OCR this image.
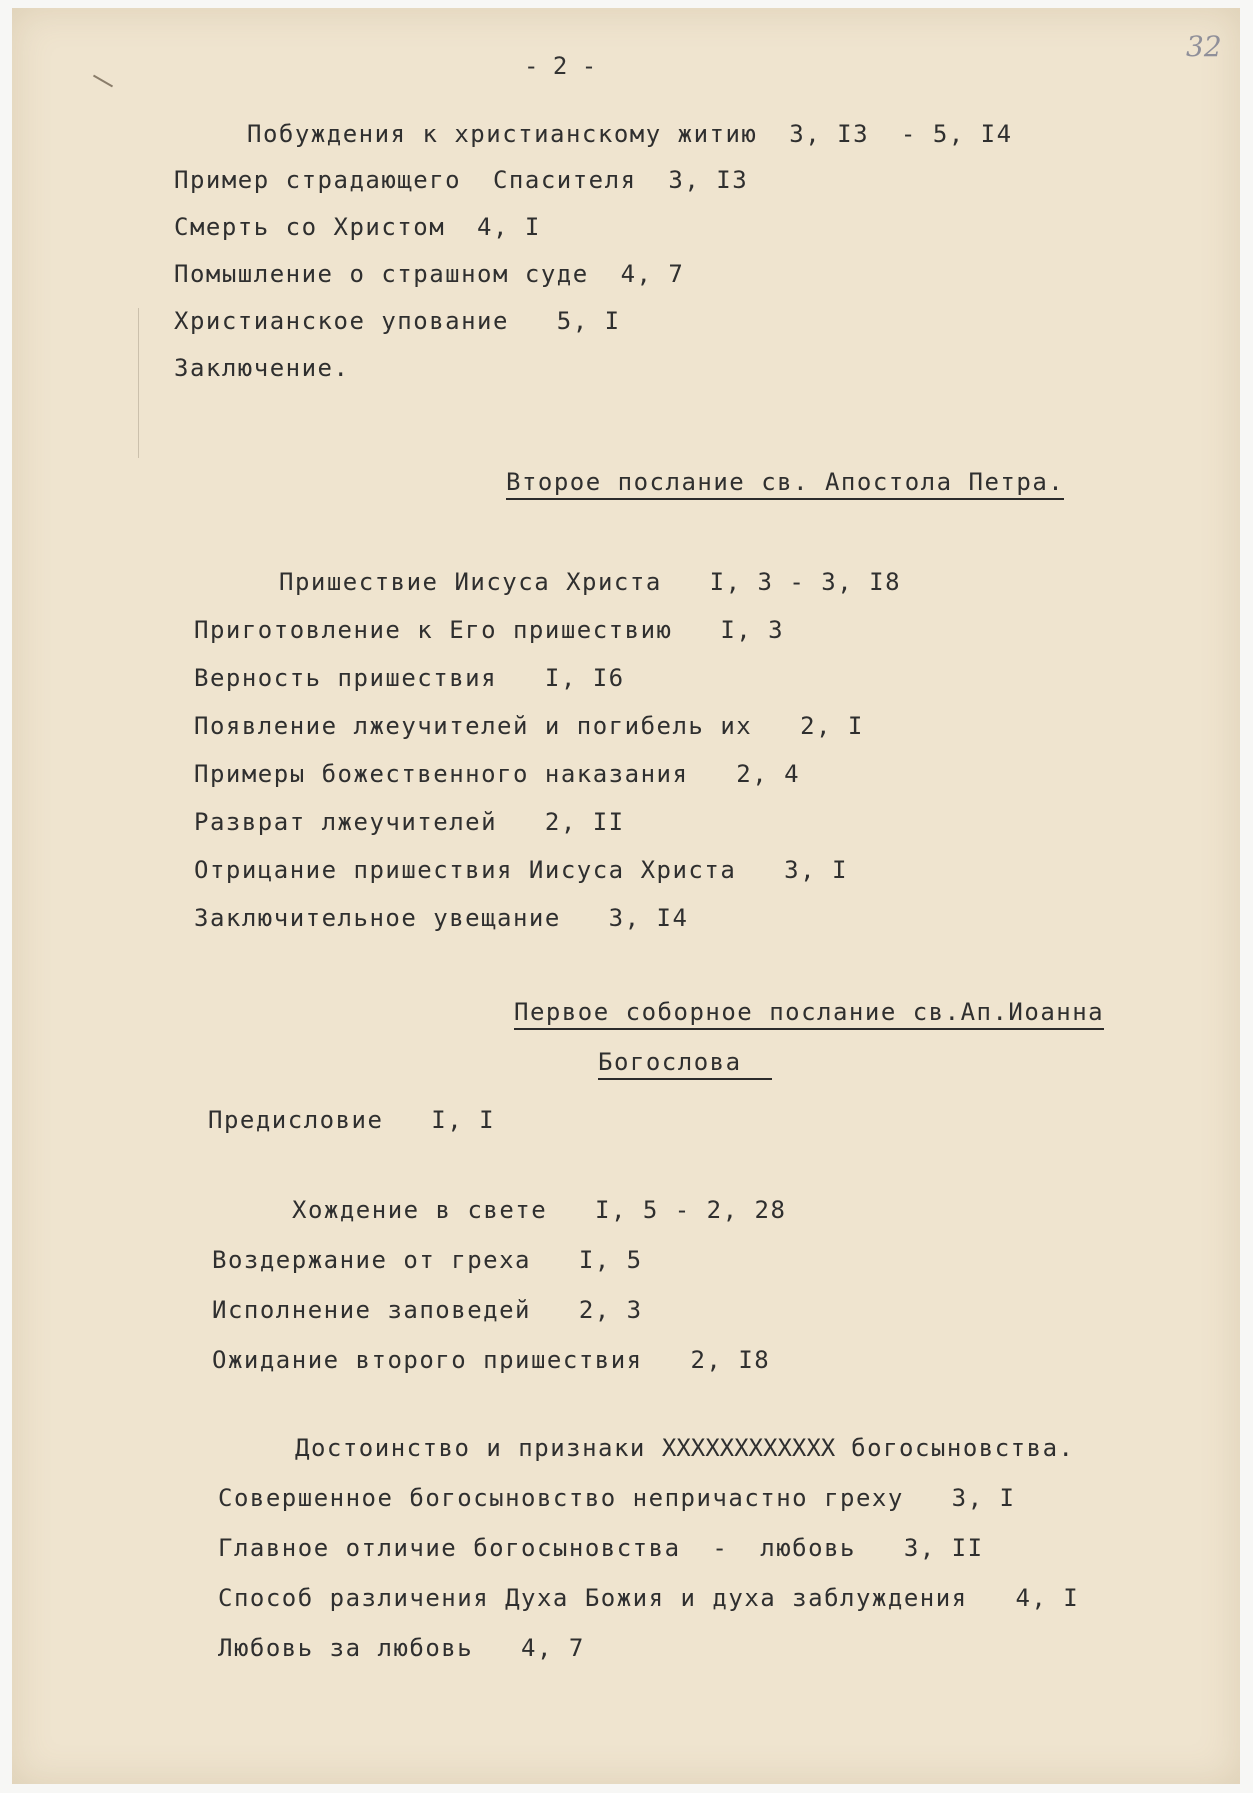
32
- 2 -
Побуждения к христианскому житию  3, I3  - 5, I4
Пример страдающего  Спасителя  3, I3
Смерть со Христом  4, I
Помышление о страшном суде  4, 7
Христианское упование   5, I
Заключение.
Второе послание св. Апостола Петра.
Пришествие Иисуса Христа   I, 3 - 3, I8
Приготовление к Его пришествию   I, 3
Верность пришествия   I, I6
Появление лжеучителей и погибель их   2, I
Примеры божественного наказания   2, 4
Разврат лжеучителей   2, II
Отрицание пришествия Иисуса Христа   3, I
Заключительное увещание   3, I4
Первое соборное послание св.Ап.Иоанна
Богослова
Предисловие   I, I
Хождение в свете   I, 5 - 2, 28
Воздержание от греха   I, 5
Исполнение заповедей   2, 3
Ожидание второго пришествия   2, I8
Достоинство и признаки XXXXXXXXXXXX богосыновства.
Совершенное богосыновство непричастно греху   3, I
Главное отличие богосыновства  -  любовь   3, II
Способ различения Духа Божия и духа заблуждения   4, I
Любовь за любовь   4, 7
